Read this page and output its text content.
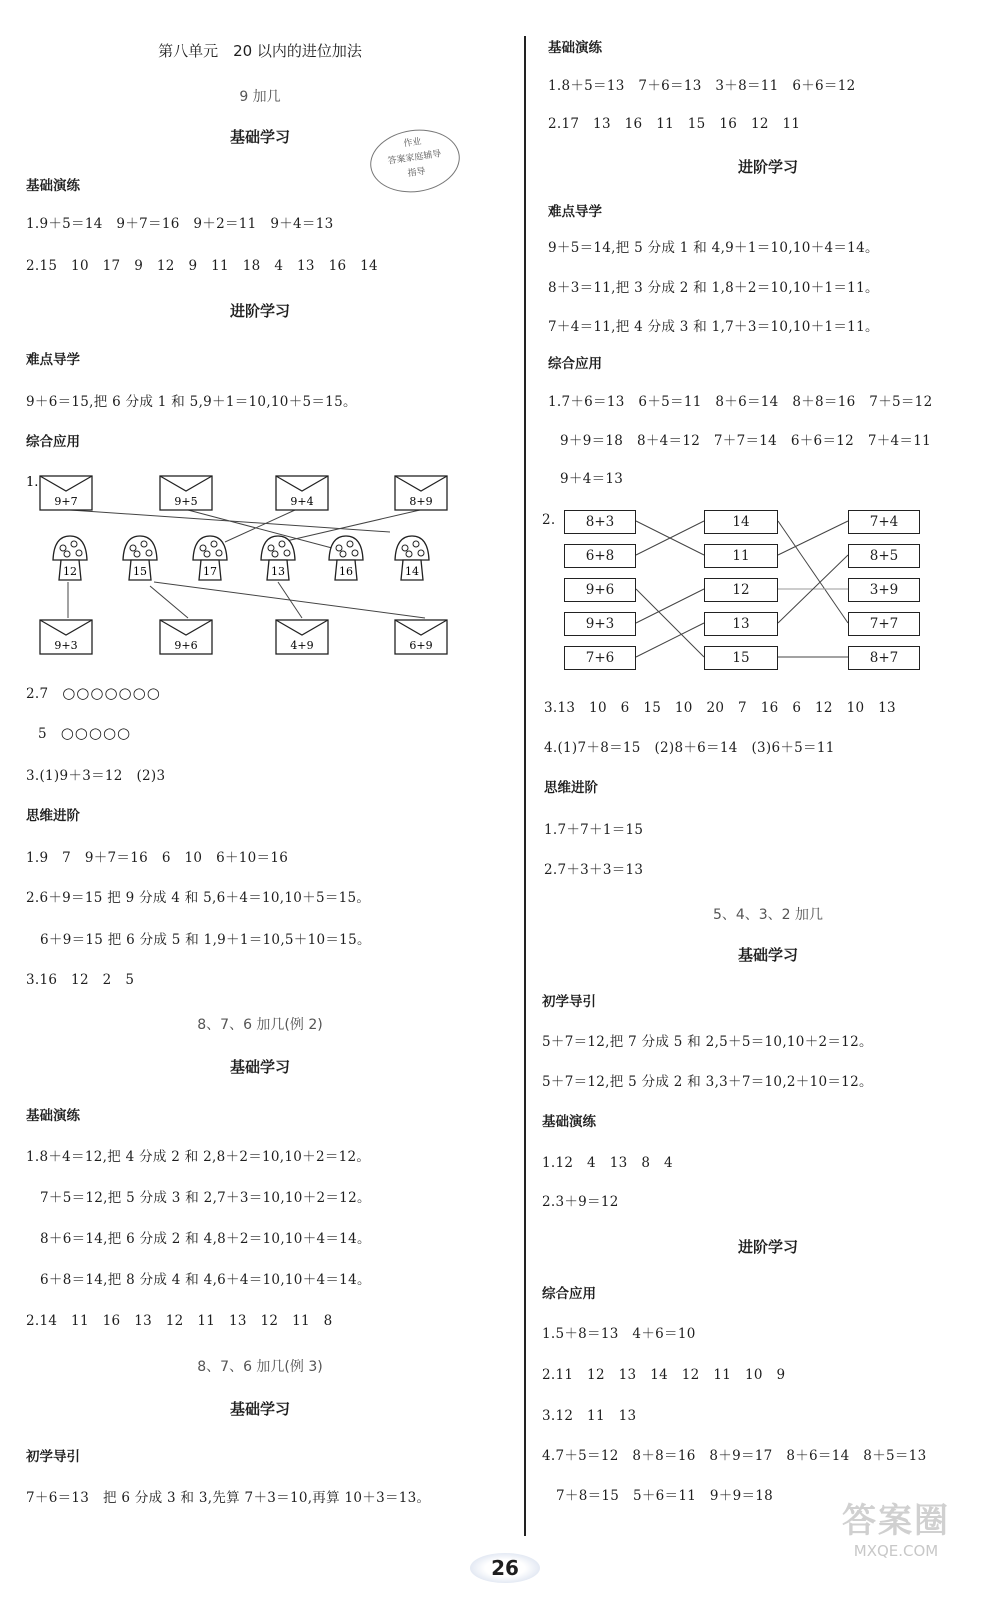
第八单元　20 以内的进位加法
9 加几
作业
答案家庭辅导
指导
基础学习
基础演练
1.9＋5＝14　9＋7＝16　9＋2＝11　9＋4＝13
2.15　10　17　9　12　9　11　18　4　13　16　14
进阶学习
难点导学
9＋6＝15,把 6 分成 1 和 5,9＋1＝10,10＋5＝15。
综合应用
1.
9+7	9+5	9+4	8+9
12	15	17	13	16	14
9+3	9+6	4+9	6+9
2.7　 ○○○○○○○
5　 ○○○○○
3.(1)9＋3＝12　(2)3
思维进阶
1.9　7　9＋7＝16　6　10　6＋10＝16
2.6＋9＝15 把 9 分成 4 和 5,6＋4＝10,10＋5＝15。
6＋9＝15 把 6 分成 5 和 1,9＋1＝10,5＋10＝15。
3.16　12　2　5
8、7、6 加几(例 2)
基础学习
基础演练
1.8＋4＝12,把 4 分成 2 和 2,8＋2＝10,10＋2＝12。
7＋5＝12,把 5 分成 3 和 2,7＋3＝10,10＋2＝12。
8＋6＝14,把 6 分成 2 和 4,8＋2＝10,10＋4＝14。
6＋8＝14,把 8 分成 4 和 4,6＋4＝10,10＋4＝14。
2.14　11　16　13　12　11　13　12　11　8
8、7、6 加几(例 3)
基础学习
初学导引
7＋6＝13　把 6 分成 3 和 3,先算 7＋3＝10,再算 10＋3＝13。
基础演练
1.8＋5＝13　7＋6＝13　3＋8＝11　6＋6＝12
2.17　13　16　11　15　16　12　11
进阶学习
难点导学
9＋5＝14,把 5 分成 1 和 4,9＋1＝10,10＋4＝14。
8＋3＝11,把 3 分成 2 和 1,8＋2＝10,10＋1＝11。
7＋4＝11,把 4 分成 3 和 1,7＋3＝10,10＋1＝11。
综合应用
1.7＋6＝13　6＋5＝11　8＋6＝14　8＋8＝16　7＋5＝12
9＋9＝18　8＋4＝12　7＋7＝14　6＋6＝12　7＋4＝11
9＋4＝13
2.	8+3
6+8
9+6
9+3
7+6
14
11
12
13
15
7+4
8+5
3+9
7+7
8+7
3.13　10　6　15　10　20　7　16　6　12　10　13
4.(1)7＋8＝15　(2)8＋6＝14　(3)6＋5＝11
思维进阶
1.7＋7＋1＝15
2.7＋3＋3＝13
5、4、3、2 加几
基础学习
初学导引
5＋7＝12,把 7 分成 5 和 2,5＋5＝10,10＋2＝12。
5＋7＝12,把 5 分成 2 和 3,3＋7＝10,2＋10＝12。
基础演练
1.12　4　13　8　4
2.3＋9＝12
进阶学习
综合应用
1.5＋8＝13　4＋6＝10
2.11　12　13　14　12　11　10　9
3.12　11　13
4.7＋5＝12　8＋8＝16　8＋9＝17　8＋6＝14　8＋5＝13
7＋8＝15　5＋6＝11　9＋9＝18
26
答案圈
MXQE.COM
